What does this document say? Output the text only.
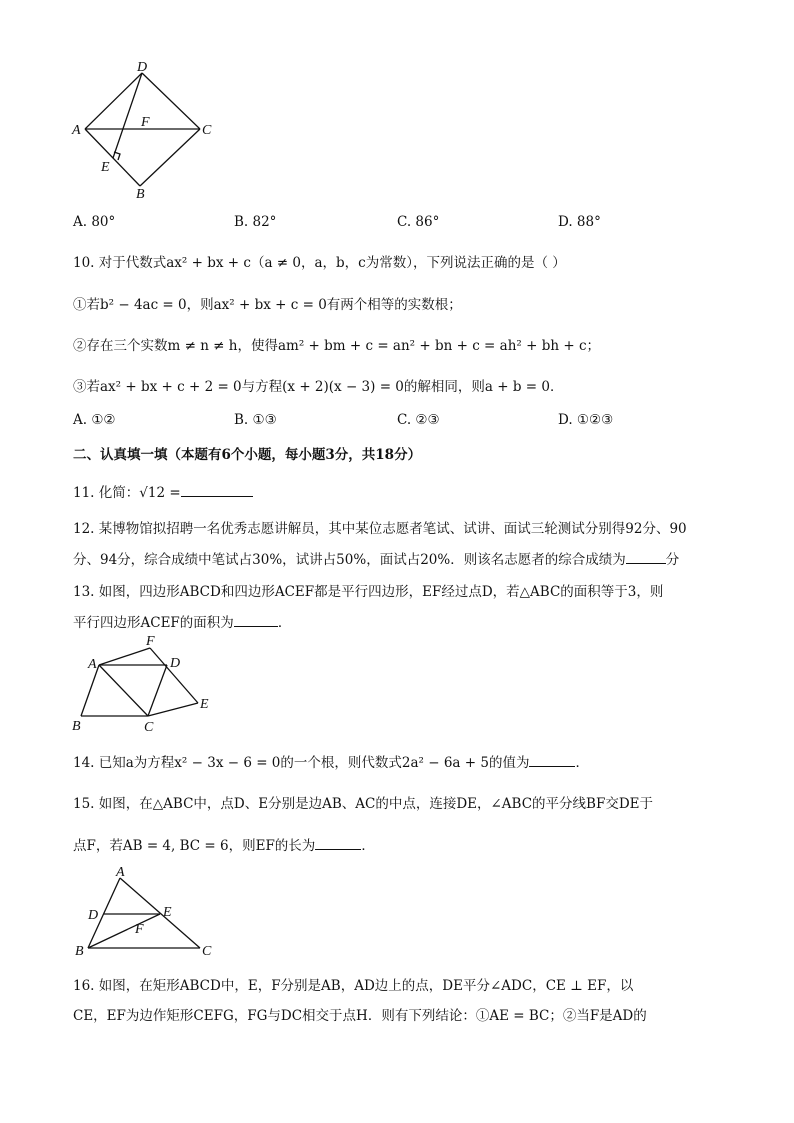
D
A
F
C
E
B
A. 80°	B. 82°	C. 86°	D. 88°
10. 对于代数式ax² + bx + c（a ≠ 0，a，b，c为常数），下列说法正确的是（ ）
①若b² − 4ac = 0，则ax² + bx + c = 0有两个相等的实数根；
②存在三个实数m ≠ n ≠ h，使得am² + bm + c = an² + bn + c = ah² + bh + c；
③若ax² + bx + c + 2 = 0与方程(x + 2)(x − 3) = 0的解相同，则a + b = 0．
A. ①②	B. ①③	C. ②③	D. ①②③
二、认真填一填（本题有6个小题，每小题3分，共18分）
11. 化简：√12 =
12. 某博物馆拟招聘一名优秀志愿讲解员，其中某位志愿者笔试、试讲、面试三轮测试分别得92分、90
分、94分，综合成绩中笔试占30%，试讲占50%，面试占20%．则该名志愿者的综合成绩为	分
13. 如图，四边形ABCD和四边形ACEF都是平行四边形，EF经过点D，若△ABC的面积等于3，则
平行四边形ACEF的面积为	．
F
A	D
E
B	C
14. 已知a为方程x² − 3x − 6 = 0的一个根，则代数式2a² − 6a + 5的值为	．
15. 如图，在△ABC中，点D、E分别是边AB、AC的中点，连接DE，∠ABC的平分线BF交DE于
点F，若AB = 4, BC = 6，则EF的长为	．
A
D	E
F
B	C
16. 如图，在矩形ABCD中，E，F分别是AB，AD边上的点，DE平分∠ADC，CE ⊥ EF，以
CE，EF为边作矩形CEFG，FG与DC相交于点H．则有下列结论：①AE = BC；②当F是AD的
